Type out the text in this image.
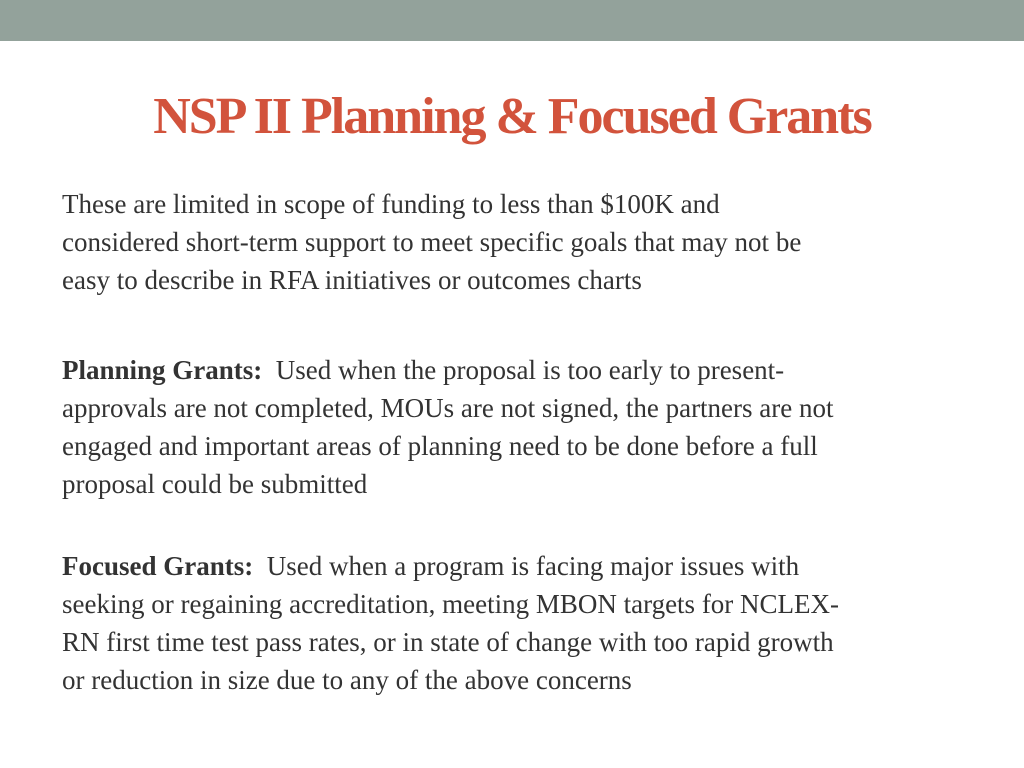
NSP II Planning & Focused Grants
These are limited in scope of funding to less than $100K and
considered short-term support to meet specific goals that may not be
easy to describe in RFA initiatives or outcomes charts
Planning Grants: Used when the proposal is too early to present-
approvals are not completed, MOUs are not signed, the partners are not
engaged and important areas of planning need to be done before a full
proposal could be submitted
Focused Grants: Used when a program is facing major issues with
seeking or regaining accreditation, meeting MBON targets for NCLEX-
RN first time test pass rates, or in state of change with too rapid growth
or reduction in size due to any of the above concerns
